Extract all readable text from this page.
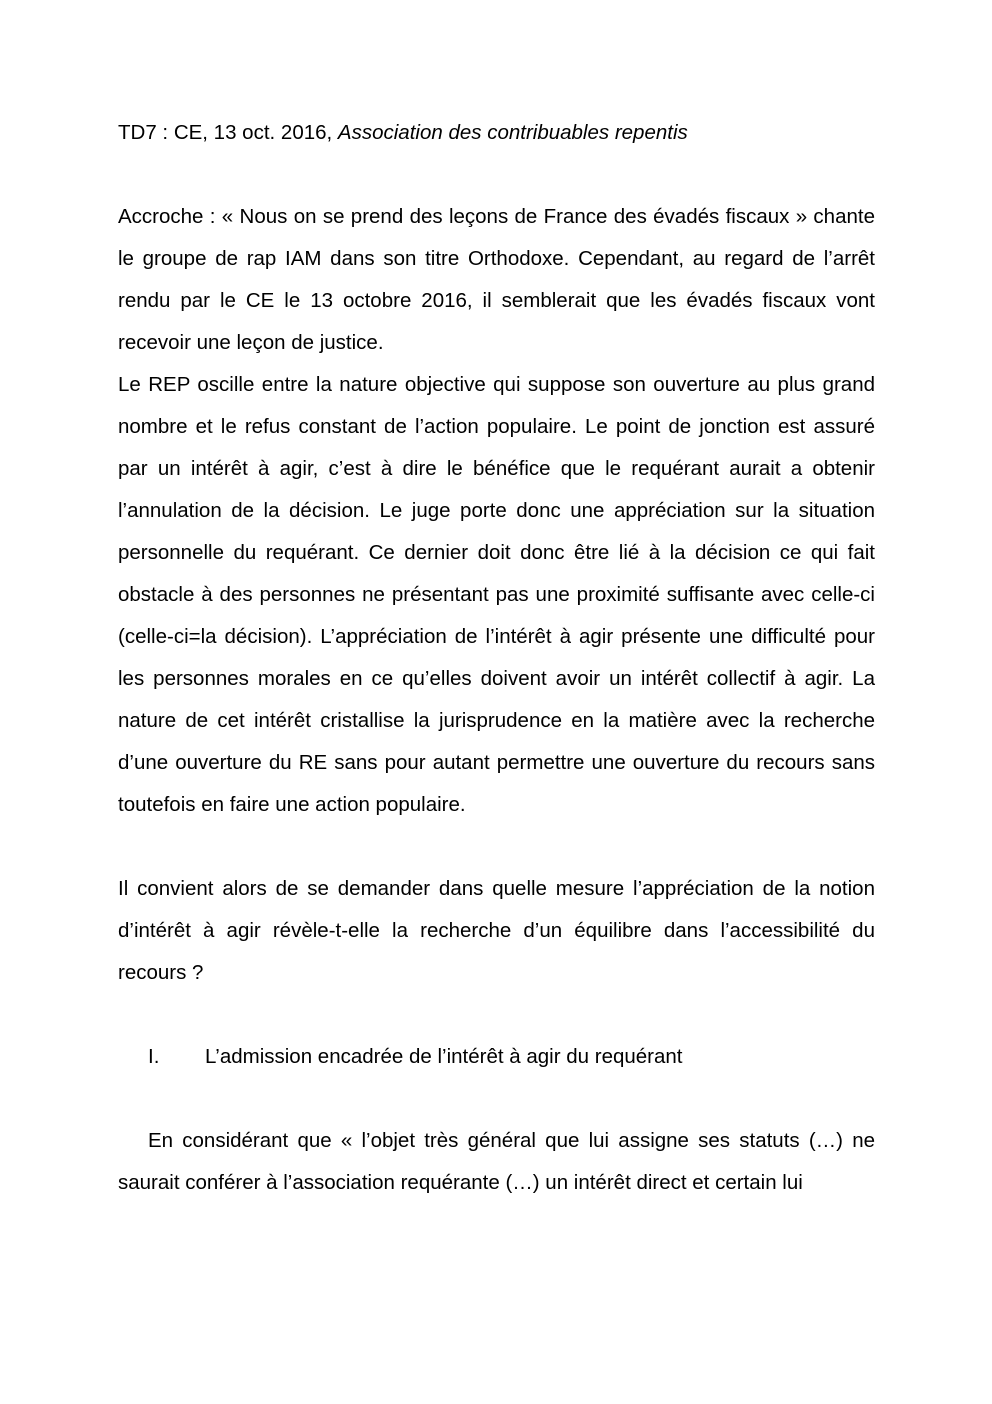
TD7 : CE, 13 oct. 2016, Association des contribuables repentis

Accroche : « Nous on se prend des leçons de France des évadés fiscaux » chante le groupe de rap IAM dans son titre Orthodoxe. Cependant, au regard de l’arrêt rendu par le CE le 13 octobre 2016, il semblerait que les évadés fiscaux vont recevoir une leçon de justice.

Le REP oscille entre la nature objective qui suppose son ouverture au plus grand nombre et le refus constant de l’action populaire. Le point de jonction est assuré par un intérêt à agir, c’est à dire le bénéfice que le requérant aurait a obtenir l’annulation de la décision. Le juge porte donc une appréciation sur la situation personnelle du requérant. Ce dernier doit donc être lié à la décision ce qui fait obstacle à des personnes ne présentant pas une proximité suffisante avec celle-ci (celle-ci=la décision). L’appréciation de l’intérêt à agir présente une difficulté pour les personnes morales en ce qu’elles doivent avoir un intérêt collectif à agir. La nature de cet intérêt cristallise la jurisprudence en la matière avec la recherche d’une ouverture du RE sans pour autant permettre une ouverture du recours sans toutefois en faire une action populaire.

Il convient alors de se demander dans quelle mesure l’appréciation de la notion d’intérêt à agir révèle-t-elle la recherche d’un équilibre dans l’accessibilité du recours ?

I.	L’admission encadrée de l’intérêt à agir du requérant

En considérant que « l’objet très général que lui assigne ses statuts (…) ne saurait conférer à l’association requérante (…) un intérêt direct et certain lui
